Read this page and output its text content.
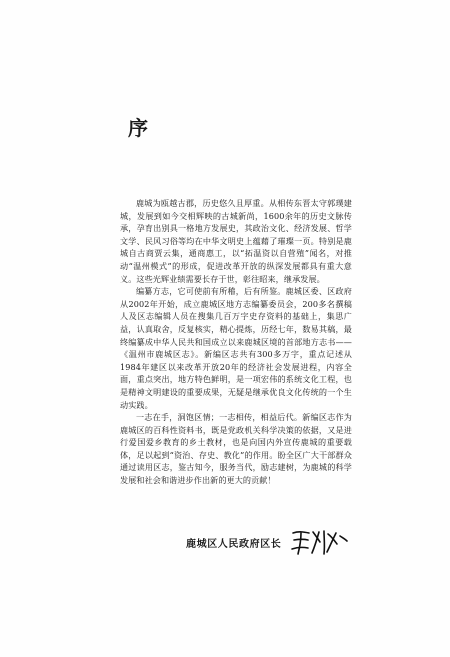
序

鹿城为瓯越古郡，历史悠久且厚重。从相传东晋太守郭璞建城，发展到如今交相辉映的古城新尚，1600余年的历史文脉传承，孕育出别具一格地方发展史，其政治文化、经济发展、哲学文学、民风习俗等均在中华文明史上蕴藉了璀璨一页。特别是鹿城自古商贾云集，通商惠工，以“拓温资以自营殖”闻名，对推动“温州模式”的形成，促进改革开放的纵深发展都具有重大意义。这些光辉业绩需要长存于世，彰往昭来，继承发展。

编纂方志，它可使前有所稽，后有所鉴。鹿城区委、区政府从2002年开始，成立鹿城区地方志编纂委员会，200多名撰稿人及区志编辑人员在搜集几百万字史存资料的基础上，集思广益，认真取舍，反复核实，精心提炼，历经七年，数易其稿，最终编纂成中华人民共和国成立以来鹿城区境的首部地方志书——《温州市鹿城区志》。新编区志共有300多万字，重点记述从1984年建区以来改革开放20年的经济社会发展进程，内容全面，重点突出，地方特色鲜明，是一项宏伟的系统文化工程，也是精神文明建设的重要成果，无疑是继承优良文化传统的一个生动实践。

一志在手，洞饱区情；一志相传，相益后代。新编区志作为鹿城区的百科性资料书，既是党政机关科学决策的依据，又是进行爱国爱乡教育的乡土教材，也是向国内外宣传鹿城的重要载体，足以起到“资治、存史、教化”的作用。盼全区广大干部群众通过读用区志，鉴古知今，服务当代，励志建树，为鹿城的科学发展和社会和谐进步作出新的更大的贡献！

鹿城区人民政府区长
